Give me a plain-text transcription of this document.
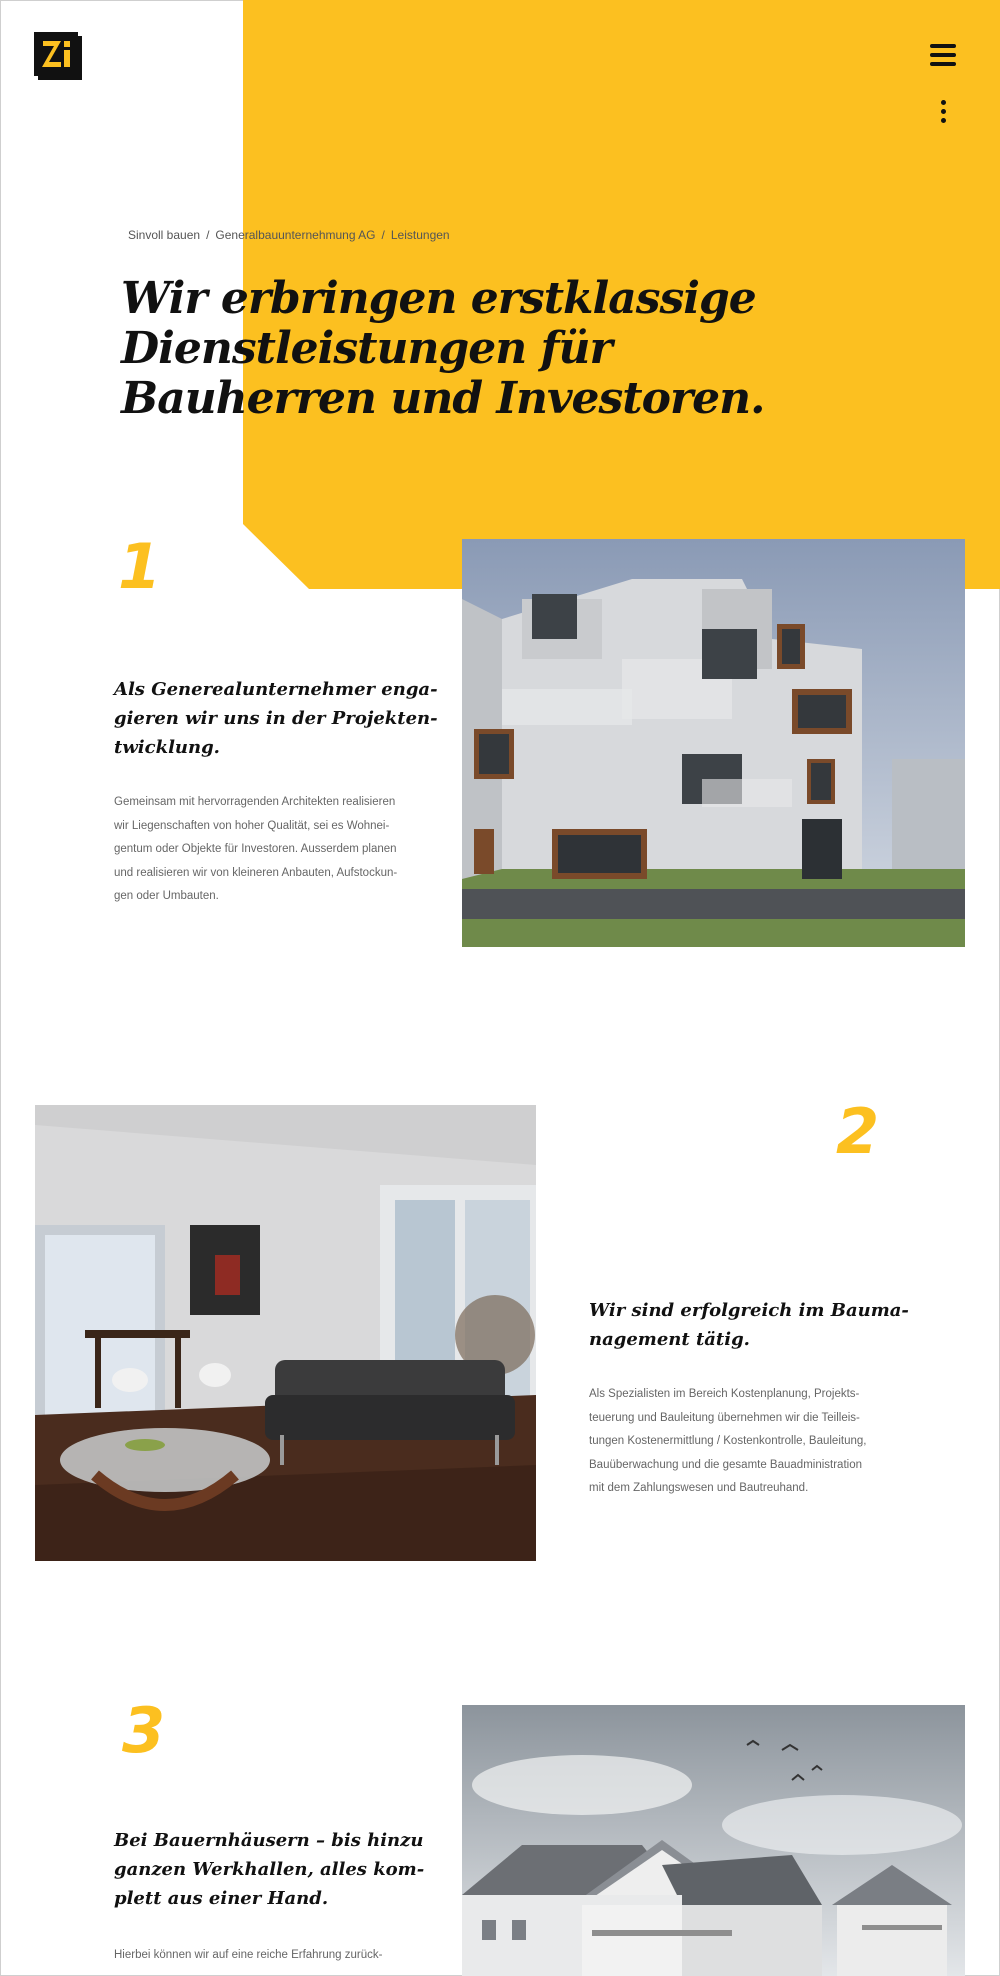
Sinvoll bauen / Generalbauunternehmung AG / Leistungen
Wir erbringen erstklassige
Dienstleistungen für
Bauherren und Investoren.
1
Als Generealunternehmer enga-
gieren wir uns in der Projekten-
twicklung.

Gemeinsam mit hervorragenden Architekten realisieren
wir Liegenschaften von hoher Qualität, sei es Wohnei-
gentum oder Objekte für Investoren. Ausserdem planen
und realisieren wir von kleineren Anbauten, Aufstockun-
gen oder Umbauten.

2
Wir sind erfolgreich im Bauma-
nagement tätig.

Als Spezialisten im Bereich Kostenplanung, Projekts-
teuerung und Bauleitung übernehmen wir die Teilleis-
tungen Kostenermittlung / Kostenkontrolle, Bauleitung,
Bauüberwachung und die gesamte Bauadministration
mit dem Zahlungswesen und Bautreuhand.

3
Bei Bauernhäusern – bis hinzu
ganzen Werkhallen, alles kom-
plett aus einer Hand.

Hierbei können wir auf eine reiche Erfahrung zurück-
